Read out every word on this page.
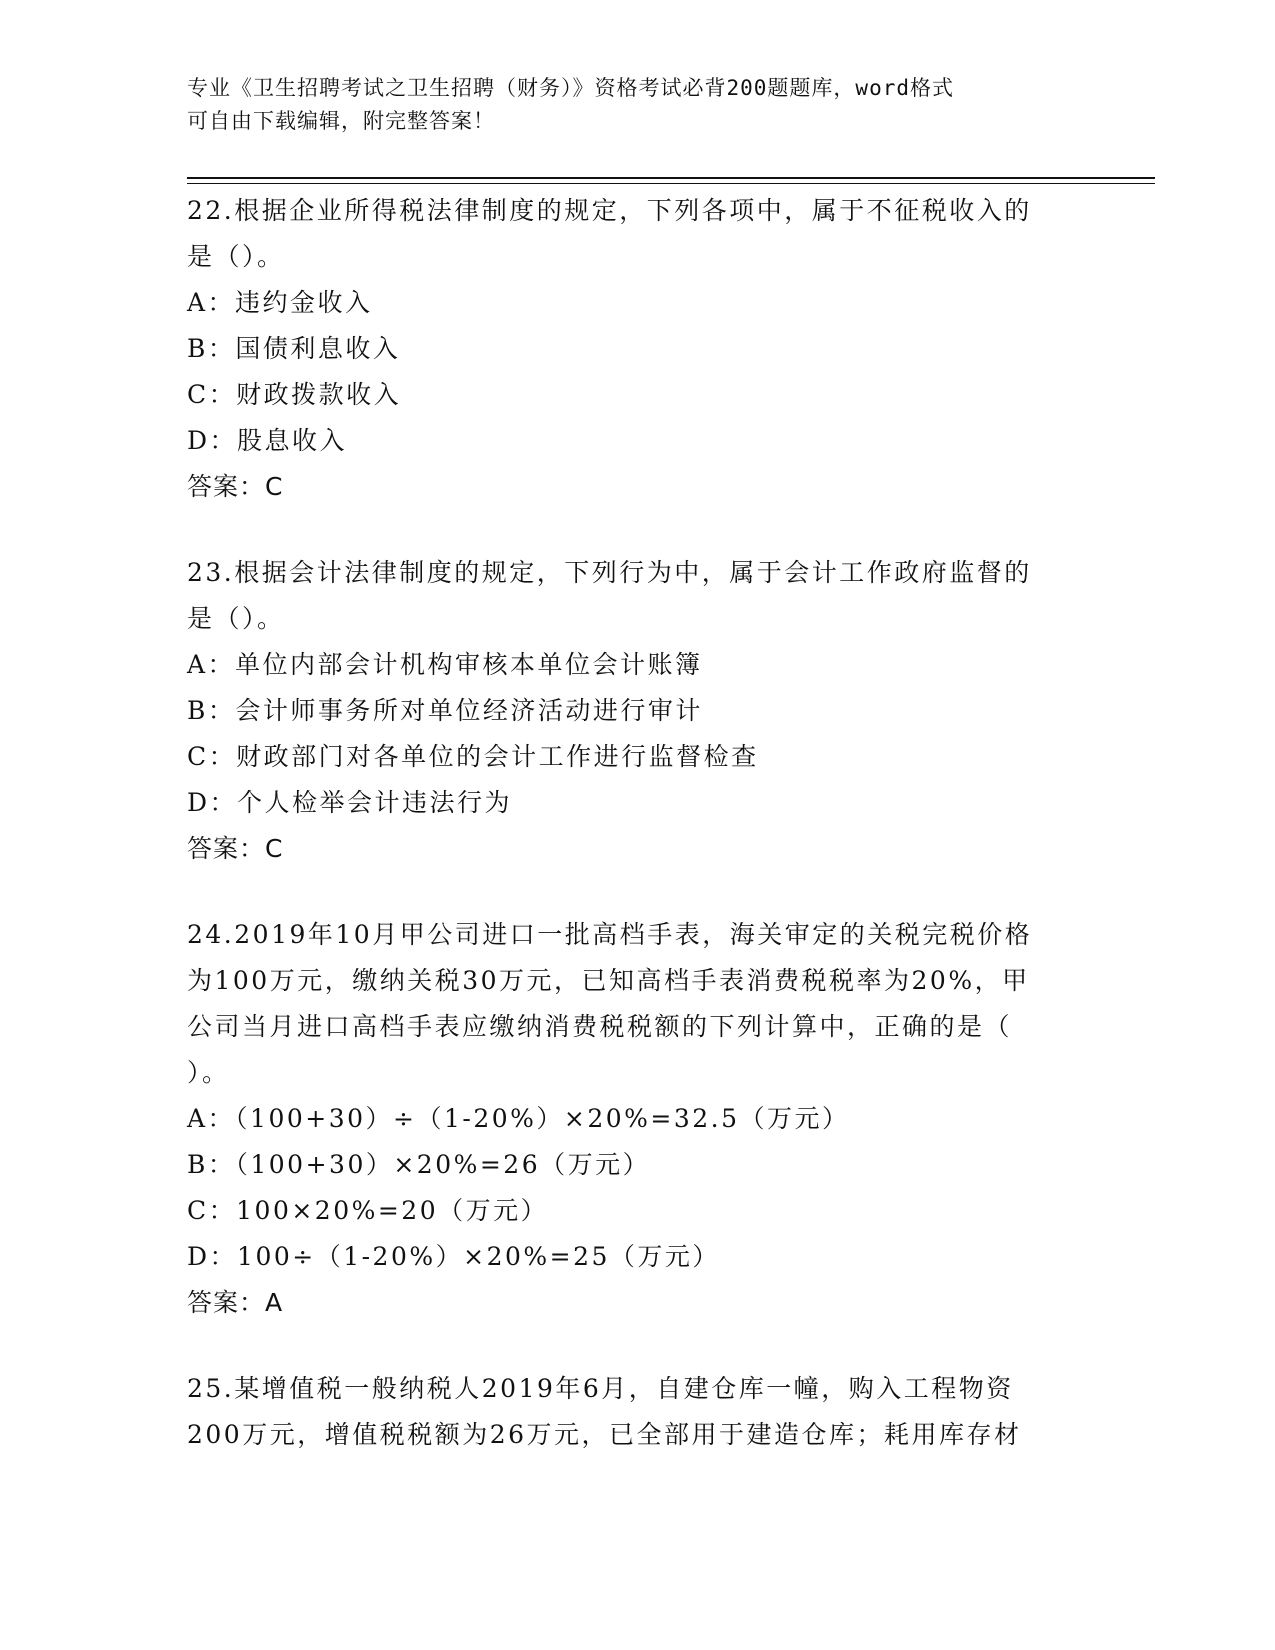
专业《卫生招聘考试之卫生招聘（财务）》资格考试必背200题题库，word格式
可自由下载编辑，附完整答案！
22.根据企业所得税法律制度的规定，下列各项中，属于不征税收入的
是（）。
A：违约金收入
B：国债利息收入
C：财政拨款收入
D：股息收入
答案：C
23.根据会计法律制度的规定，下列行为中，属于会计工作政府监督的
是（）。
A：单位内部会计机构审核本单位会计账簿
B：会计师事务所对单位经济活动进行审计
C：财政部门对各单位的会计工作进行监督检查
D：个人检举会计违法行为
答案：C
24.2019年10月甲公司进口一批高档手表，海关审定的关税完税价格
为100万元，缴纳关税30万元，已知高档手表消费税税率为20%，甲
公司当月进口高档手表应缴纳消费税税额的下列计算中，正确的是（
）。
A：（100+30）÷（1-20%）×20%=32.5（万元）
B：（100+30）×20%=26（万元）
C：100×20%=20（万元）
D：100÷（1-20%）×20%=25（万元）
答案：A
25.某增值税一般纳税人2019年6月，自建仓库一幢，购入工程物资
200万元，增值税税额为26万元，已全部用于建造仓库；耗用库存材
